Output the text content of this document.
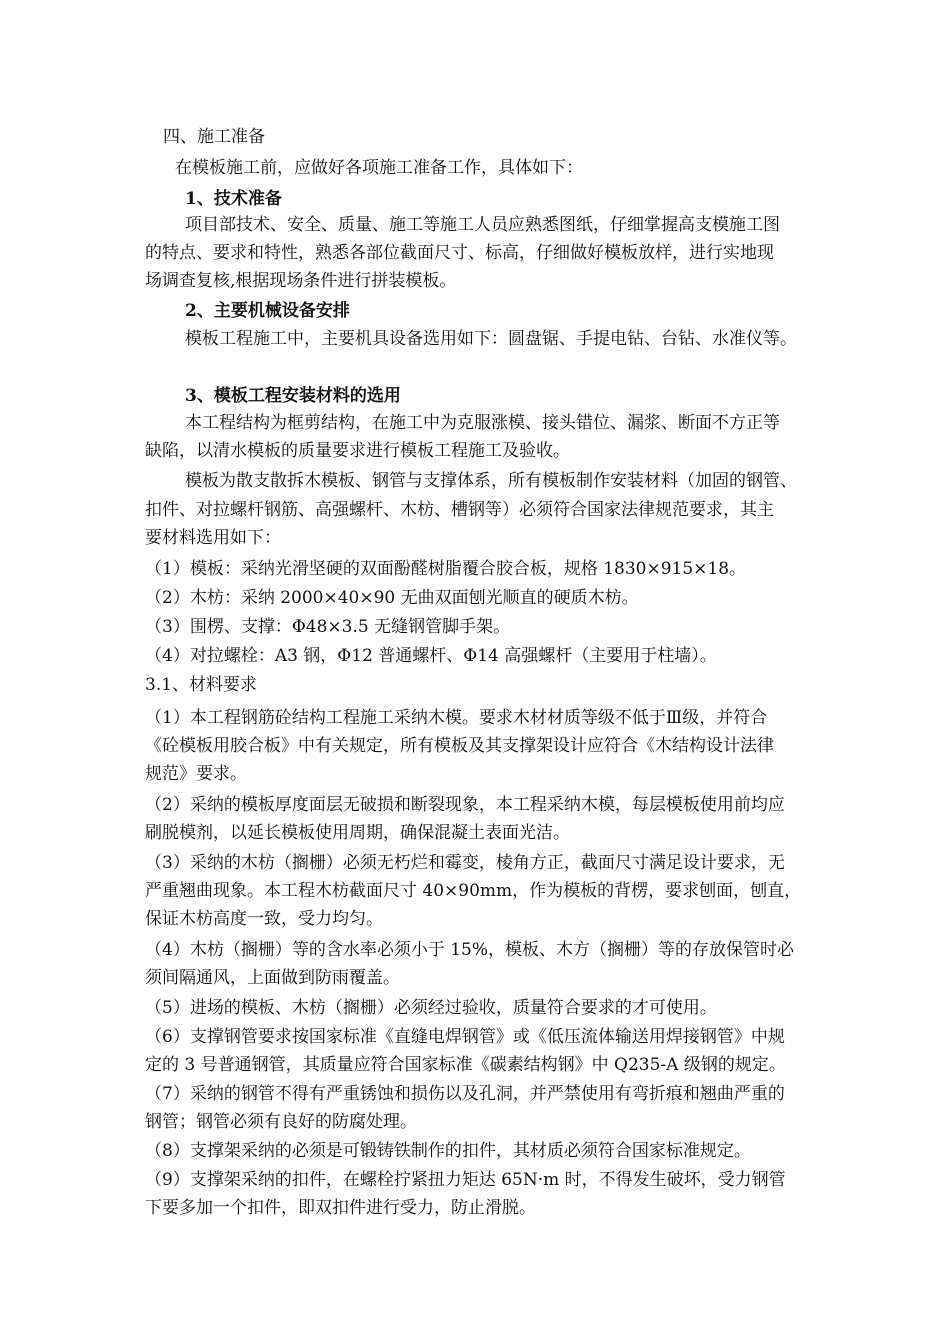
四、施工准备
在模板施工前，应做好各项施工准备工作，具体如下：
1、技术准备
项目部技术、安全、质量、施工等施工人员应熟悉图纸，仔细掌握高支模施工图
的特点、要求和特性，熟悉各部位截面尺寸、标高，仔细做好模板放样，进行实地现
场调查复核,根据现场条件进行拼装模板。
2、主要机械设备安排
模板工程施工中，主要机具设备选用如下：圆盘锯、手提电钻、台钻、水准仪等。
3、模板工程安装材料的选用
本工程结构为框剪结构，在施工中为克服涨模、接头错位、漏浆、断面不方正等
缺陷，以清水模板的质量要求进行模板工程施工及验收。
模板为散支散拆木模板、钢管与支撑体系，所有模板制作安装材料（加固的钢管、
扣件、对拉螺杆钢筋、高强螺杆、木枋、槽钢等）必须符合国家法律规范要求，其主
要材料选用如下：
（1）模板：采纳光滑坚硬的双面酚醛树脂覆合胶合板，规格 1830×915×18。
（2）木枋：采纳 2000×40×90 无曲双面刨光顺直的硬质木枋。
（3）围楞、支撑：Φ48×3.5 无缝钢管脚手架。
（4）对拉螺栓：A3 钢，Φ12 普通螺杆、Φ14 高强螺杆（主要用于柱墙）。
3.1、材料要求
（1）本工程钢筋砼结构工程施工采纳木模。要求木材材质等级不低于Ⅲ级，并符合
《砼模板用胶合板》中有关规定，所有模板及其支撑架设计应符合《木结构设计法律
规范》要求。
（2）采纳的模板厚度面层无破损和断裂现象，本工程采纳木模，每层模板使用前均应
刷脱模剂，以延长模板使用周期，确保混凝土表面光洁。
（3）采纳的木枋（搁栅）必须无朽烂和霉变，棱角方正，截面尺寸满足设计要求，无
严重翘曲现象。本工程木枋截面尺寸 40×90mm，作为模板的背楞，要求刨面，刨直，
保证木枋高度一致，受力均匀。
（4）木枋（搁栅）等的含水率必须小于 15%，模板、木方（搁栅）等的存放保管时必
须间隔通风，上面做到防雨覆盖。
（5）进场的模板、木枋（搁栅）必须经过验收，质量符合要求的才可使用。
（6）支撑钢管要求按国家标准《直缝电焊钢管》或《低压流体输送用焊接钢管》中规
定的 3 号普通钢管，其质量应符合国家标准《碳素结构钢》中 Q235-A 级钢的规定。
（7）采纳的钢管不得有严重锈蚀和损伤以及孔洞，并严禁使用有弯折痕和翘曲严重的
钢管；钢管必须有良好的防腐处理。
（8）支撑架采纳的必须是可锻铸铁制作的扣件，其材质必须符合国家标准规定。
（9）支撑架采纳的扣件，在螺栓拧紧扭力矩达 65N·m 时，不得发生破坏，受力钢管
下要多加一个扣件，即双扣件进行受力，防止滑脱。
